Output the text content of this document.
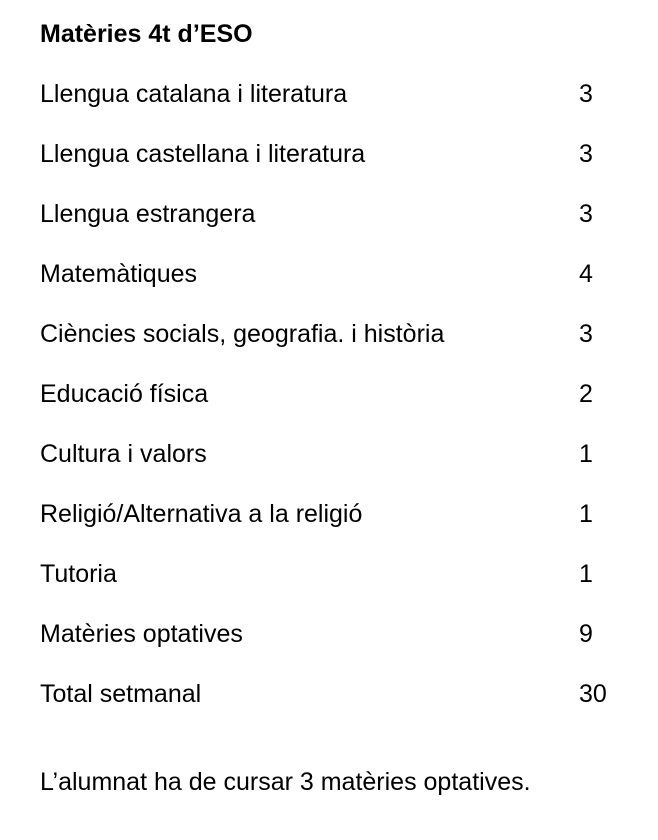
Matèries 4t d’ESO
Llengua catalana i literatura	3
Llengua castellana i literatura	3
Llengua estrangera	3
Matemàtiques	4
Ciències socials, geografia. i història	3
Educació física	2
Cultura i valors	1
Religió/Alternativa a la religió	1
Tutoria	1
Matèries optatives	9
Total setmanal	30
L’alumnat ha de cursar 3 matèries optatives.
